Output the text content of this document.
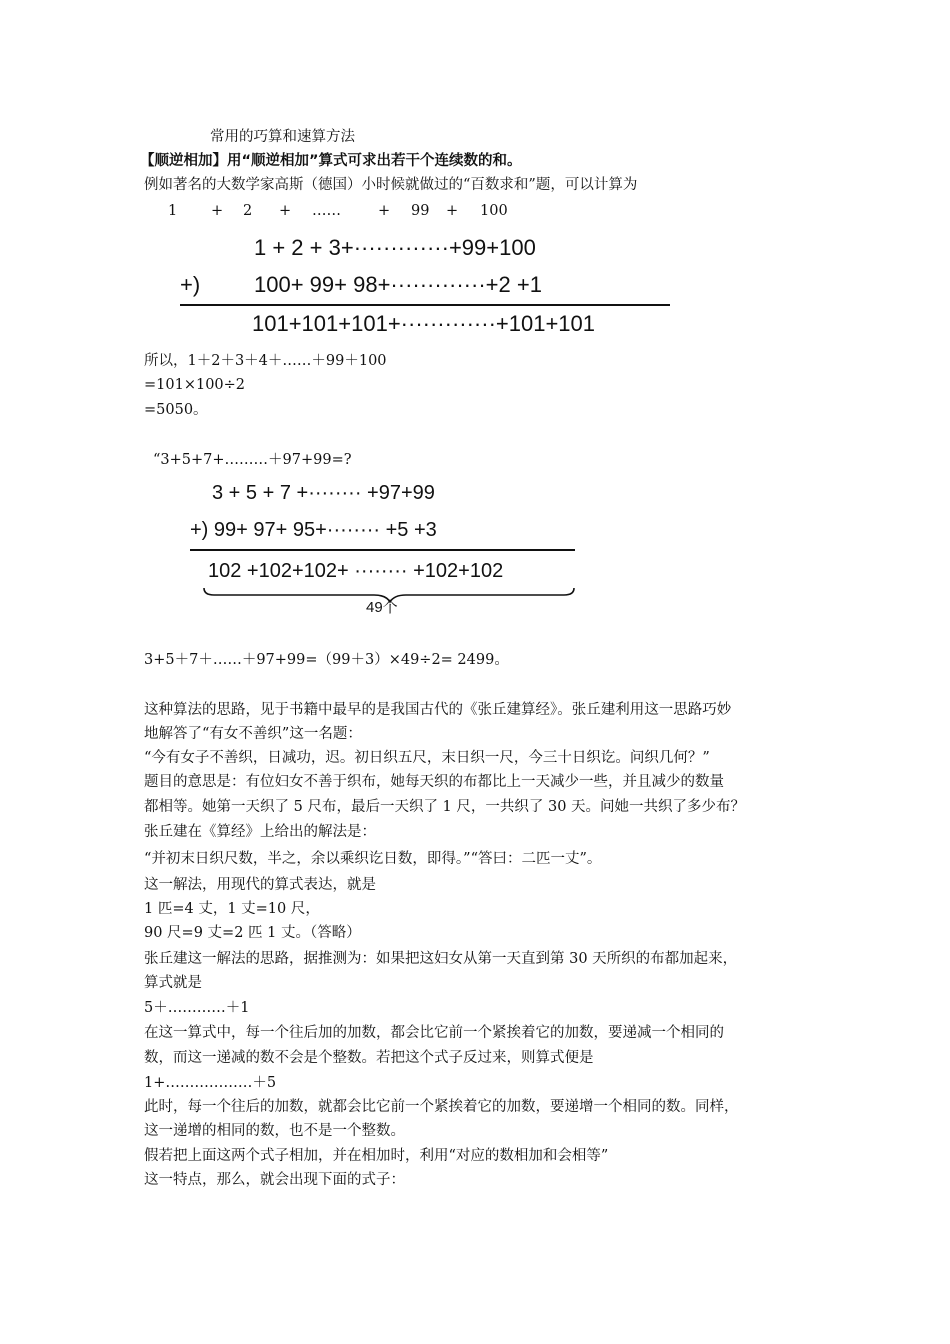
常用的巧算和速算方法
【顺逆相加】用“顺逆相加”算式可求出若干个连续数的和。
例如著名的大数学家高斯（德国）小时候就做过的“百数求和”题，可以计算为
1 + 2 + ……	+ 99 + 100
1 + 2 + 3+·············+99+100
+) 100+ 99+ 98+·············+2 +1
101+101+101+·············+101+101
所以，1＋2＋3＋4＋……＋99＋100
=101×100÷2
=5050。
“3+5+7+………＋97+99=?
3 + 5 + 7 +········ +97+99
+) 99+ 97+ 95+········ +5 +3
102 +102+102+ ········ +102+102
49个
3+5＋7＋……＋97+99=（99＋3）×49÷2= 2499。
这种算法的思路，见于书籍中最早的是我国古代的《张丘建算经》。张丘建利用这一思路巧妙
地解答了“有女不善织”这一名题：
“今有女子不善织，日减功，迟。初日织五尺，末日织一尺，今三十日织讫。问织几何？”
题目的意思是：有位妇女不善于织布，她每天织的布都比上一天减少一些，并且减少的数量
都相等。她第一天织了 5 尺布，最后一天织了 1 尺，一共织了 30 天。问她一共织了多少布？
张丘建在《算经》上给出的解法是：
“并初末日织尺数，半之，余以乘织讫日数，即得。”“答曰：二匹一丈”。
这一解法，用现代的算式表达，就是
1 匹=4 丈，1 丈=10 尺，
90 尺=9 丈=2 匹 1 丈。（答略）
张丘建这一解法的思路，据推测为：如果把这妇女从第一天直到第 30 天所织的布都加起来，
算式就是
5＋…………＋1
在这一算式中，每一个往后加的加数，都会比它前一个紧挨着它的加数，要递减一个相同的
数，而这一递减的数不会是个整数。若把这个式子反过来，则算式便是
1+………………＋5
此时，每一个往后的加数，就都会比它前一个紧挨着它的加数，要递增一个相同的数。同样，
这一递增的相同的数，也不是一个整数。
假若把上面这两个式子相加，并在相加时，利用“对应的数相加和会相等”
这一特点，那么，就会出现下面的式子：
